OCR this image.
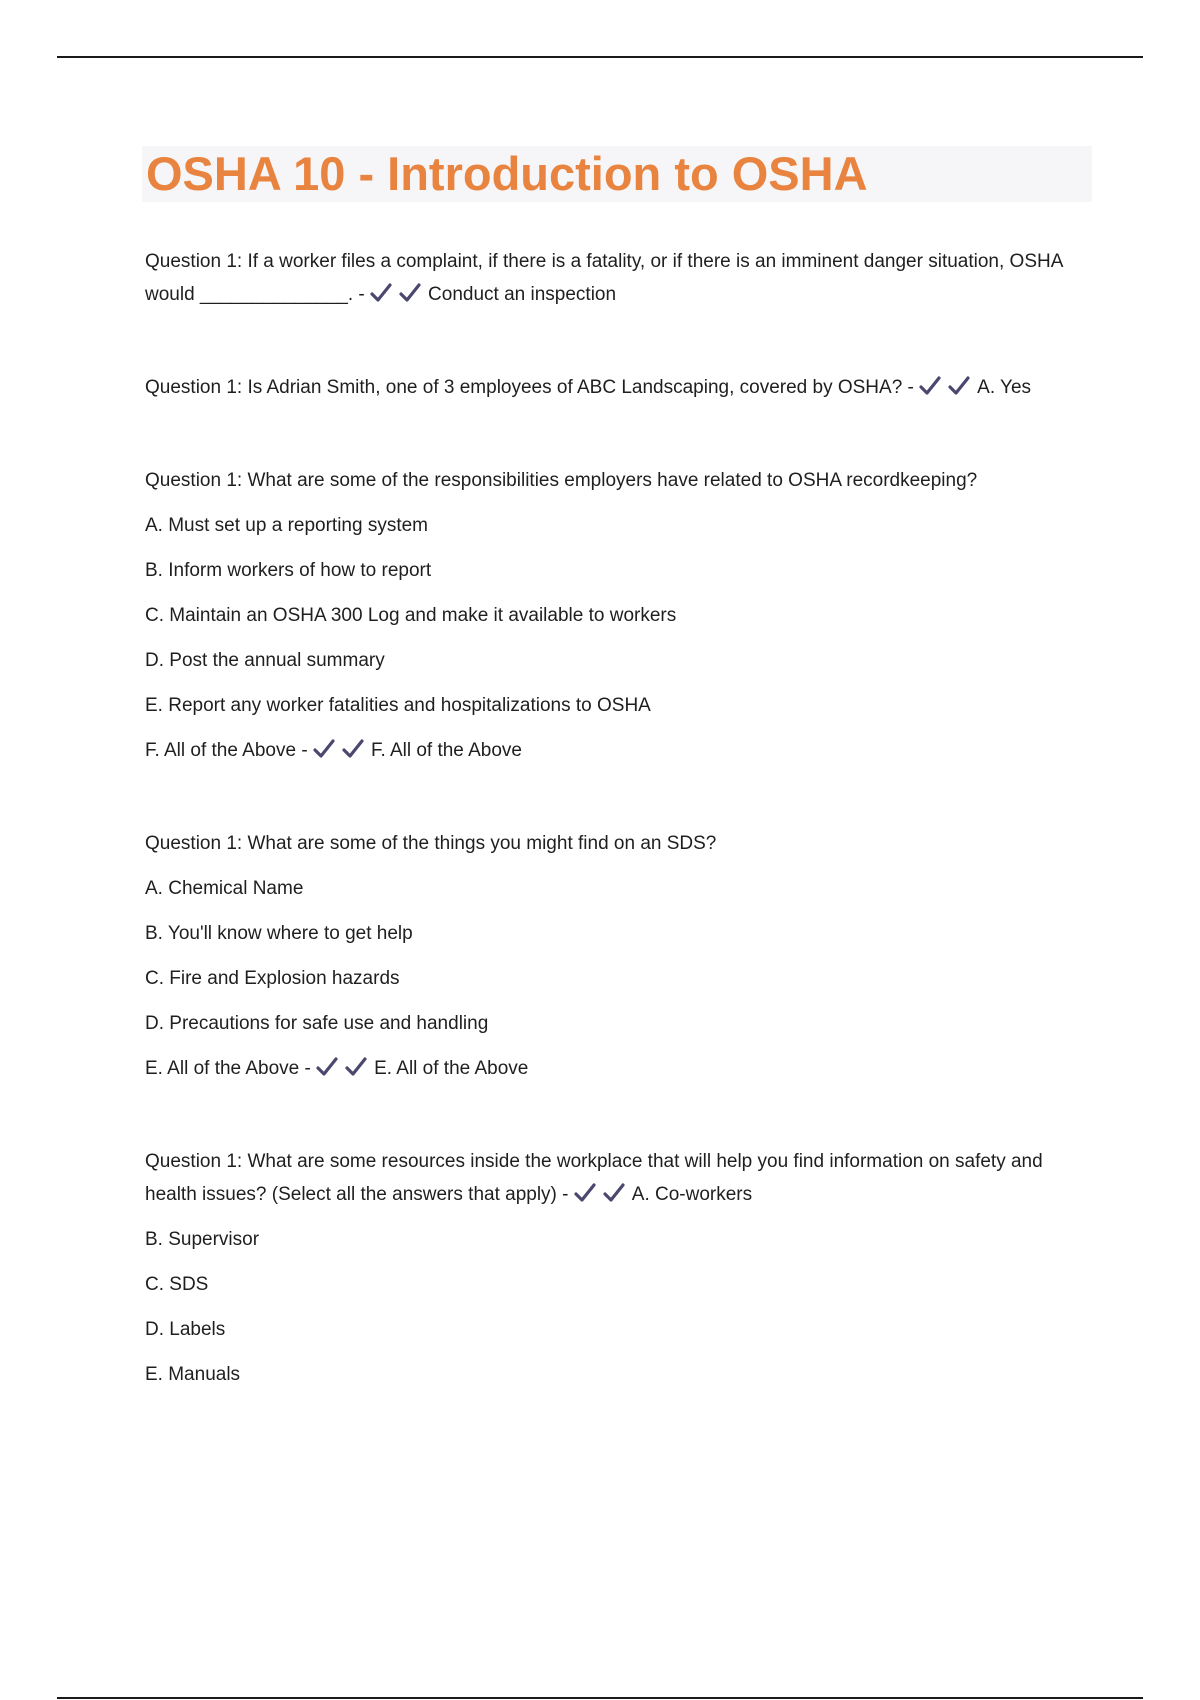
OSHA 10 - Introduction to OSHA

Question 1: If a worker files a complaint, if there is a fatality, or if there is an imminent danger situation, OSHA would ______________. -	Conduct an inspection

Question 1: Is Adrian Smith, one of 3 employees of ABC Landscaping, covered by OSHA? -	A. Yes

Question 1: What are some of the responsibilities employers have related to OSHA recordkeeping?

A. Must set up a reporting system

B. Inform workers of how to report

C. Maintain an OSHA 300 Log and make it available to workers

D. Post the annual summary

E. Report any worker fatalities and hospitalizations to OSHA

F. All of the Above -	F. All of the Above

Question 1: What are some of the things you might find on an SDS?

A. Chemical Name

B. You'll know where to get help

C. Fire and Explosion hazards

D. Precautions for safe use and handling

E. All of the Above -	E. All of the Above

Question 1: What are some resources inside the workplace that will help you find information on safety and health issues? (Select all the answers that apply) -	A. Co-workers

B. Supervisor

C. SDS

D. Labels

E. Manuals
